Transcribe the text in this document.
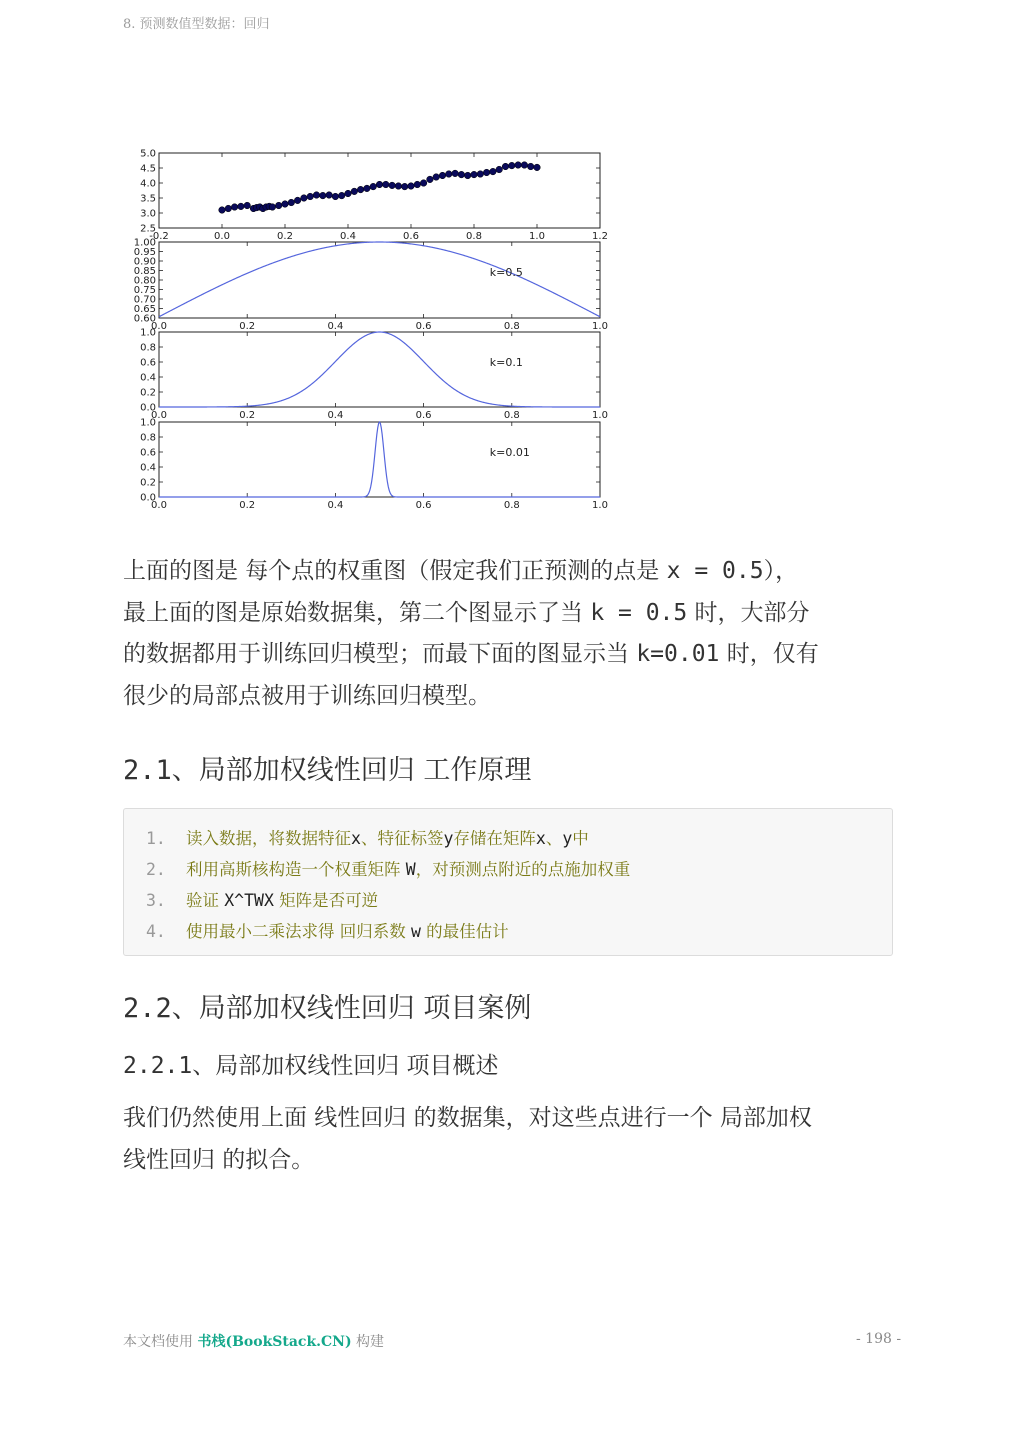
8. 预测数值型数据：回归
-0.2	0.0	0.2	0.4	0.6	0.8	1.0	1.2
2.5
3.0
3.5
4.0
4.5
5.0
0.0	0.2	0.4	0.6	0.8	1.0
0.60
0.65
0.70
0.75
0.80
0.85
0.90
0.95
1.00
k=0.5
0.0	0.2	0.4	0.6	0.8	1.0
0.0
0.2
0.4
0.6
0.8
1.0
k=0.1
0.0	0.2	0.4	0.6	0.8	1.0
0.0
0.2
0.4
0.6
0.8
1.0
k=0.01

上面的图是 每个点的权重图（假定我们正预测的点是 x = 0.5），
最上面的图是原始数据集，第二个图显示了当 k = 0.5 时，大部分
的数据都用于训练回归模型；而最下面的图显示当 k=0.01 时，仅有
很少的局部点被用于训练回归模型。

2.1、局部加权线性回归 工作原理
1. 读入数据，将数据特征x、特征标签y存储在矩阵x、y中
2. 利用高斯核构造一个权重矩阵 W，对预测点附近的点施加权重
3. 验证 X^TWX 矩阵是否可逆
4. 使用最小二乘法求得 回归系数 w 的最佳估计
2.2、局部加权线性回归 项目案例
2.2.1、局部加权线性回归 项目概述

我们仍然使用上面 线性回归 的数据集，对这些点进行一个 局部加权
线性回归 的拟合。

本文档使用 书栈(BookStack.CN) 构建	- 198 -
